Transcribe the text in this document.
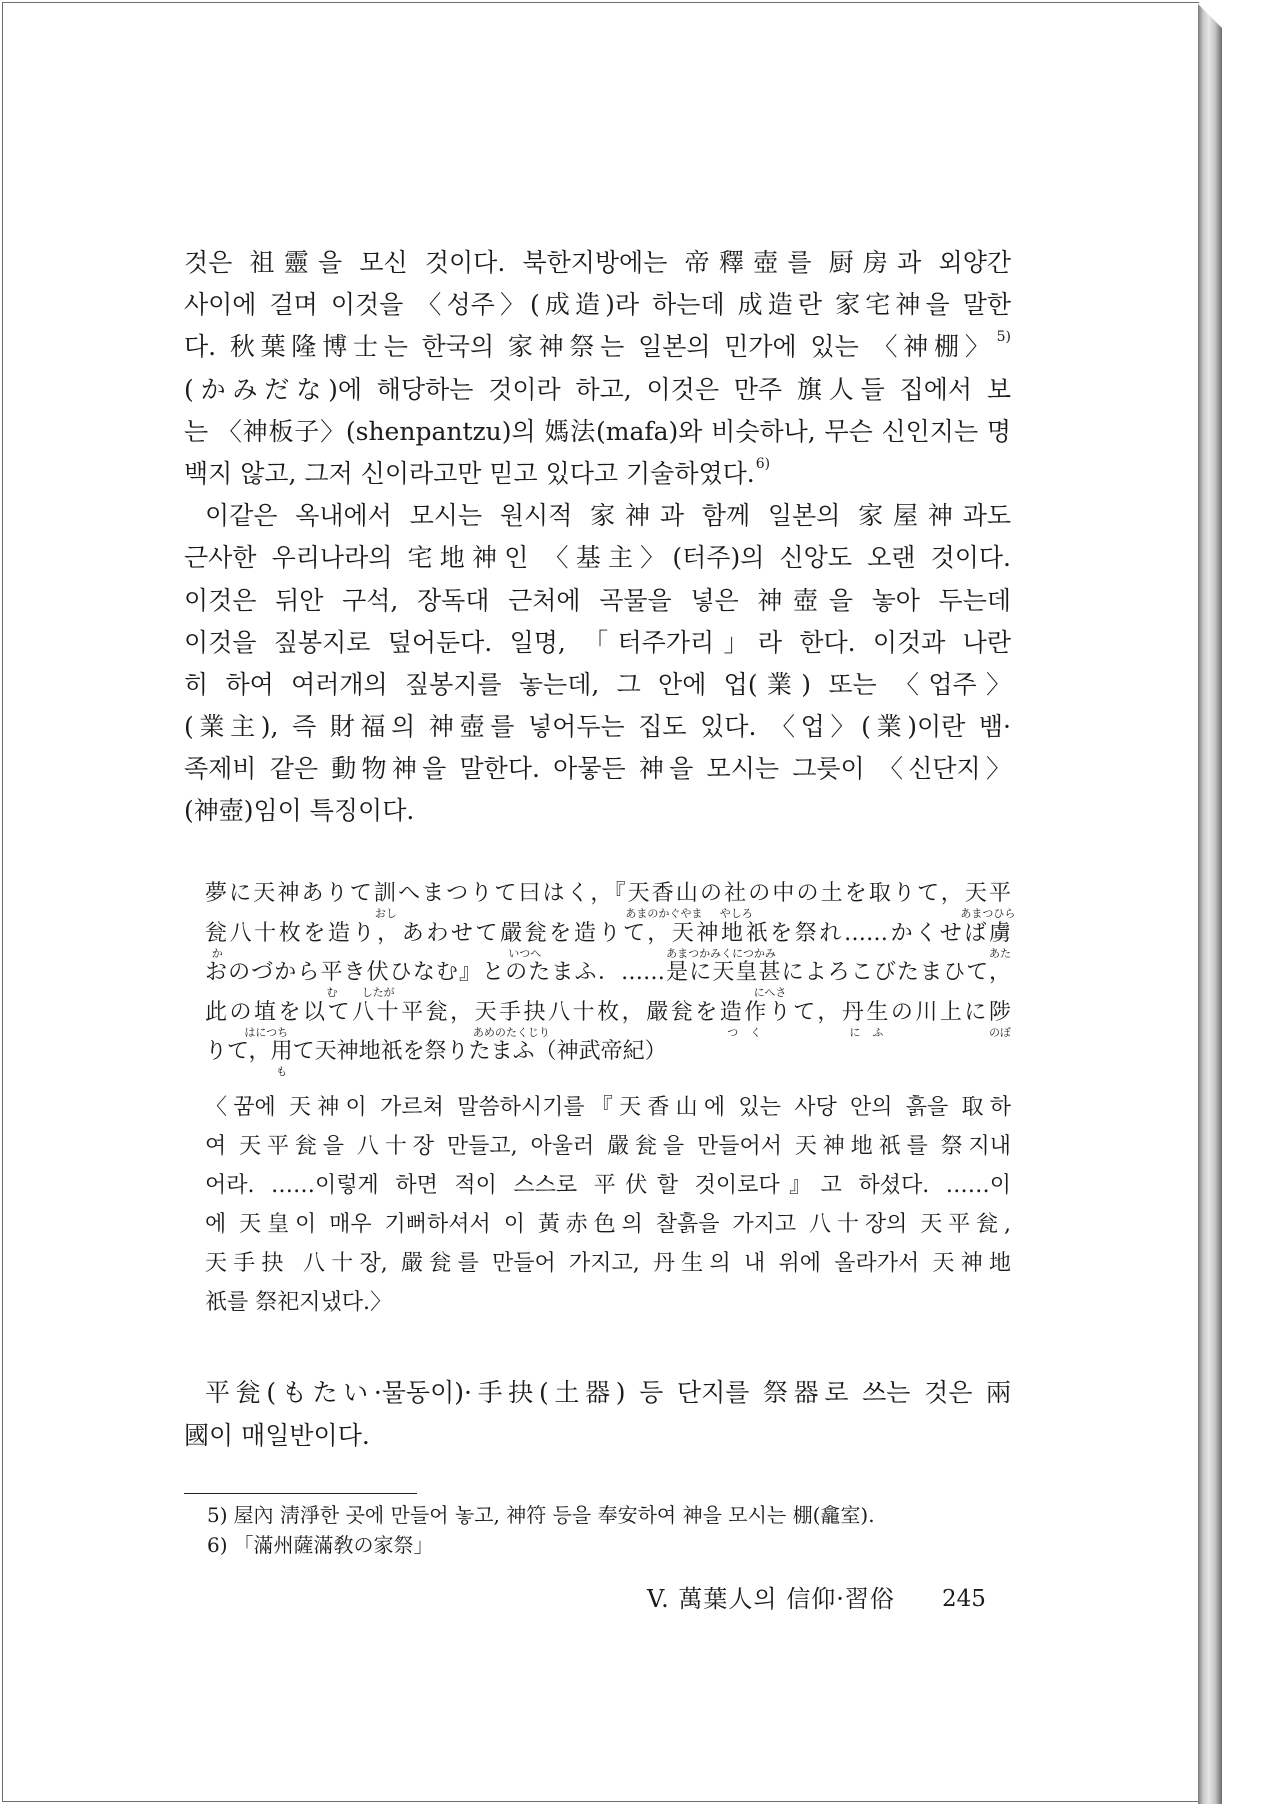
것은 祖靈을 모신 것이다. 북한지방에는 帝釋壺를 厨房과 외양간
사이에 걸며 이것을 〈성주〉(成造)라 하는데 成造란 家宅神을 말한
다. 秋葉隆博士는 한국의 家神祭는 일본의 민가에 있는 〈神棚〉$^{5)}$
(かみだな)에 해당하는 것이라 하고, 이것은 만주 旗人들 집에서 보
는 〈神板子〉(shenpantzu)의 媽法(mafa)와 비슷하나, 무슨 신인지는 명
백지 않고, 그저 신이라고만 믿고 있다고 기술하였다.$^{6)}$
이같은 옥내에서 모시는 원시적 家神과 함께 일본의 家屋神과도
근사한 우리나라의 宅地神인 〈基主〉(터주)의 신앙도 오랜 것이다.
이것은 뒤안 구석, 장독대 근처에 곡물을 넣은 神壺을 놓아 두는데
이것을 짚봉지로 덮어둔다. 일명, 「터주가리」라 한다. 이것과 나란
히 하여 여러개의 짚봉지를 놓는데, 그 안에 업(業) 또는 〈업주〉
(業主), 즉 財福의 神壺를 넣어두는 집도 있다. 〈업〉(業)이란 뱀·
족제비 같은 動物神을 말한다. 아뭏든 神을 모시는 그릇이 〈신단지〉
(神壺)임이 특징이다.
夢に天神ありて訓
おし
へまつりて曰はく，『天香山
あまのかぐやま
の社
やしろ
の中の土を取りて，天平
あまつひら
瓮
か
八十枚を造り，あわせて嚴瓮
いつへ
を造りて，天神地祇
あまつかみくにつかみ
を祭れ……かくせば虜
あた
おのづから平
む
き伏
したが
ひなむ』とのたまふ．……是に天皇甚
にへさ
によろこびたまひて，
此の埴
はにつち
を以て八十平瓮，天手抉
あめのたくじり
八十枚，嚴瓮を造作
つく
りて，丹生
にふ
の川上に陟
のぼ
りて，用
も
て天神地祇を祭りたまふ（神武帝紀）
〈꿈에 天神이 가르쳐 말씀하시기를『天香山에 있는 사당 안의 흙을 取하
여 天平瓮을 八十장 만들고, 아울러 嚴瓮을 만들어서 天神地祇를 祭지내
어라. ……이렇게 하면 적이 스스로 平伏할 것이로다』고 하셨다. ……이
에 天皇이 매우 기뻐하셔서 이 黃赤色의 찰흙을 가지고 八十장의 天平瓮,
天手抉 八十장, 嚴瓮를 만들어 가지고, 丹生의 내 위에 올라가서 天神地
祇를 祭祀지냈다.〉
平瓮(もたい·물동이)·手抉(土器) 등 단지를 祭器로 쓰는 것은 兩
國이 매일반이다.
5) 屋內 淸淨한 곳에 만들어 놓고, 神符 등을 奉安하여 神을 모시는 棚(龕室).
6) 「滿州薩滿敎の家祭」
V. 萬葉人의 信仰·習俗 245
